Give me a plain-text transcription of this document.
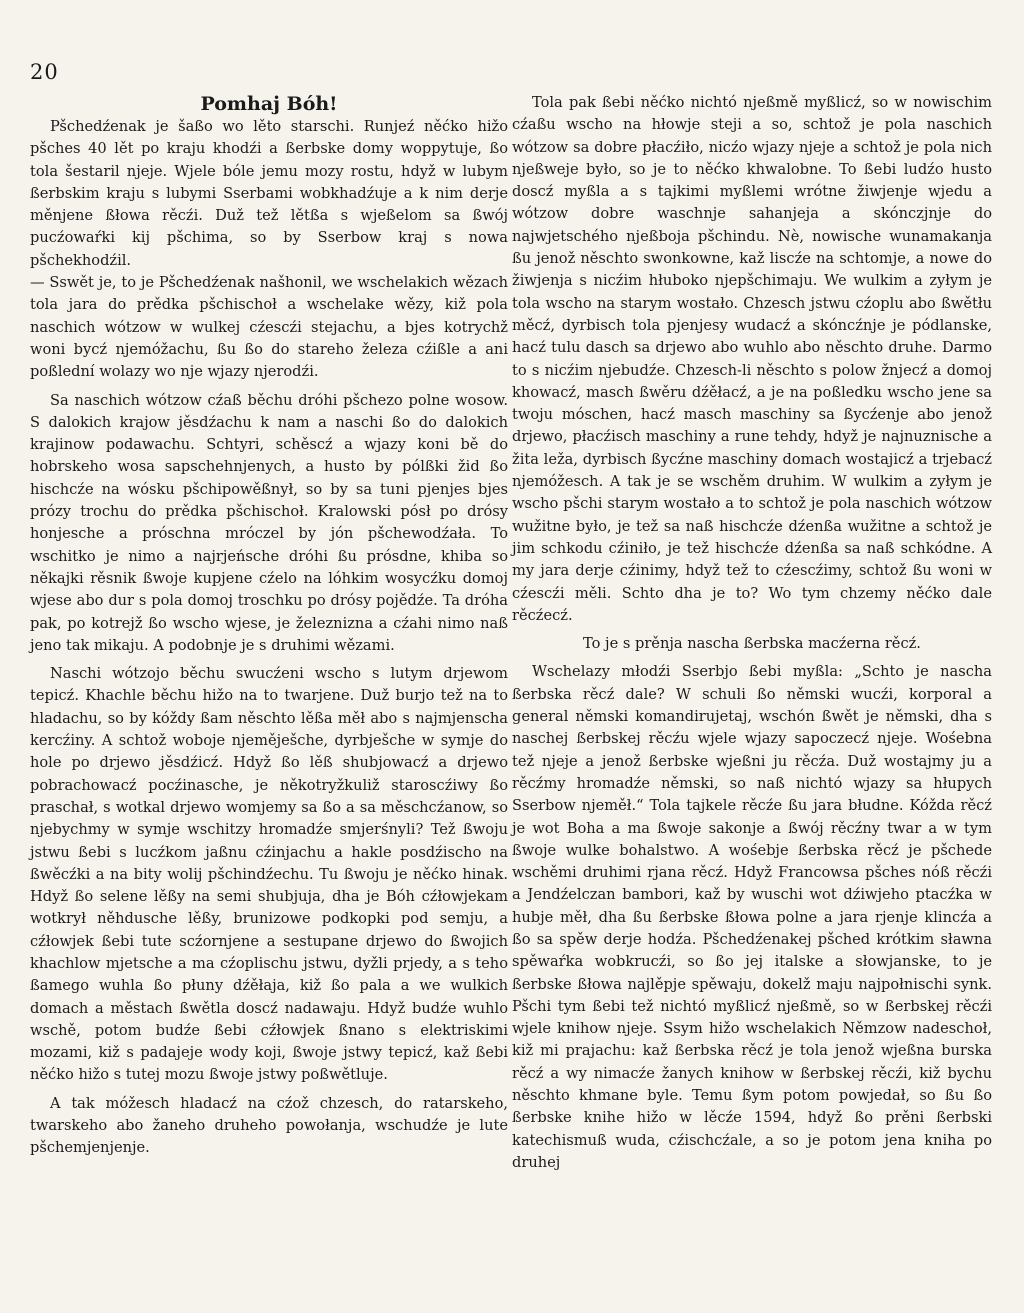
20
Pomhaj Bóh!

Pšchedźenak je šaßo wo lěto starschi. Runjeź něćko hižo pšches 40 lět po kraju khodźi a ßerbske domy woppytuje, ßo tola šestaril njeje. Wjele bóle jemu mozy rostu, hdyž w lubym ßerbskim kraju s lubymi Sserbami wobkhadźuje a k nim derje měnjene ßłowa rěcźi. Duž tež lětßa s wjeßelom sa ßwój pucźowaŕki kij pšchima, so by Sserbow kraj s nowa pšchekhodźil.

— Sswět je, to je Pšchedźenak našhonil, we wschelakich wězach tola jara do prědka pšchischoł a wschelake wězy, kiž pola naschich wótzow w wulkej cźescźi stejachu, a bjes kotrychž woni bycź njemóžachu, ßu ßo do stareho železa cźißle a ani poßlední wolazy wo nje wjazy njerodźi.

Sa naschich wótzow cźaß běchu dróhi pšchezo polne wosow. S dalokich krajow jěsdźachu k nam a naschi ßo do dalokich krajinow podawachu. Schtyri, schěscź a wjazy koni bě do hobrskeho wosa sapschehnjenych, a husto by pólßki žid ßo hischcźe na wósku pšchipowěßnył, so by sa tuni pjenjes bjes prózy trochu do prědka pšchischoł. Kralowski pósł po drósy honjesche a próschna mróczel by jón pšchewodźała. To wschitko je nimo a najrjeńsche dróhi ßu prósdne, khiba so někajki rěsnik ßwoje kupjene cźelo na lóhkim wosycźku domoj wjese abo dur s pola domoj troschku po drósy pojědźe. Ta dróha pak, po kotrejž ßo wscho wjese, je železnizna a cźahi nimo naß jeno tak mikaju. A podobnje je s druhimi wězami.

Naschi wótzojo běchu swucźeni wscho s lutym drjewom tepicź. Khachle běchu hižo na to twarjene. Duž burjo tež na to hladachu, so by kóždy ßam něschto lěßa měł abo s najmjenscha kercźiny. A schtož woboje njeměješche, dyrbješche w symje do hole po drjewo jěsdźicź. Hdyž ßo lěß shubjowacź a drjewo pobrachowacź pocźinasche, je někotryžkuliž staroscźiwy ßo praschał, s wotkal drjewo womjemy sa ßo a sa měschcźanow, so njebychmy w symje wschitzy hromadźe smjerśnyli? Tež ßwoju jstwu ßebi s lucźkom jaßnu cźinjachu a hakle posdźischo na ßwěcźki a na bity wolij pšchindźechu. Tu ßwoju je něćko hinak. Hdyž ßo selene lěßy na semi shubjuja, dha je Bóh cźłowjekam wotkrył něhdusche lěßy, brunizowe podkopki pod semju, a cźłowjek ßebi tute scźornjene a sestupane drjewo do ßwojich khachlow mjetsche a ma cźoplischu jstwu, dyžli prjedy, a s teho ßamego wuhla ßo płuny dźěłaja, kiž ßo pala a we wulkich domach a městach ßwětla doscź nadawaju. Hdyž budźe wuhlo wschě, potom budźe ßebi cźłowjek ßnano s elektriskimi mozami, kiž s padajeje wody koji, ßwoje jstwy tepicź, kaž ßebi něćko hižo s tutej mozu ßwoje jstwy poßwětluje.

A tak móžesch hladacź na cźož chzesch, do ratarskeho, twarskeho abo žaneho druheho powołanja, wschudźe je lute pšchemjenjenje.

Tola pak ßebi něćko nichtó njeßmě myßlicź, so w nowischim cźaßu wscho na hłowje steji a so, schtož je pola naschich wótzow sa dobre płacźiło, nicźo wjazy njeje a schtož je pola nich njeßweje było, so je to něćko khwalobne. To ßebi ludźo husto doscź myßla a s tajkimi myßlemi wrótne žiwjenje wjedu a wótzow dobre waschnje sahanjeja a skónczjnje do najwjetschého njeßboja pšchindu. Nè, nowische wunamakanja ßu jenož něschto swonkowne, kaž liscźe na schtomje, a nowe do žiwjenja s nicźim hłuboko njepšchimaju. We wulkim a zyłym je tola wscho na starym wostało. Chzesch jstwu cźoplu abo ßwětłu měcź, dyrbisch tola pjenjesy wudacź a skóncźnje je pódlanske, hacź tulu dasch sa drjewo abo wuhlo abo něschto druhe. Darmo to s nicźim njebudźe. Chzesch-li něschto s polow žnjecź a domoj khowacź, masch ßwěru dźěłacź, a je na poßledku wscho jene sa twoju móschen, hacź masch maschiny sa ßycźenje abo jenož drjewo, płacźisch maschiny a rune tehdy, hdyž je najnuznische a žita leža, dyrbisch ßycźne maschiny domach wostajicź a trjebacź njemóžesch. A tak je se wschěm druhim. W wulkim a zyłym je wscho pšchi starym wostało a to schtož je pola naschich wótzow wužitne było, je tež sa naß hischcźe dźenßa wužitne a schtož je jim schkodu cźiniło, je tež hischcźe dźenßa sa naß schkódne. A my jara derje cźinimy, hdyž tež to cźescźimy, schtož ßu woni w cźescźi měli. Schto dha je to? Wo tym chzemy něćko dale rěcźecź.

To je s prěnja nascha ßerbska macźerna rěcź.

Wschelazy młodźi Sserbjo ßebi myßla: „Schto je nascha ßerbska rěcź dale? W schuli ßo němski wucźi, korporal a general němski komandirujetaj, wschón ßwět je němski, dha s naschej ßerbskej rěcźu wjele wjazy sapoczecź njeje. Wośebna tež njeje a jenož ßerbske wjeßni ju rěcźa. Duž wostajmy ju a rěcźmy hromadźe němski, so naß nichtó wjazy sa hłupych Sserbow njeměł.“ Tola tajkele rěcźe ßu jara błudne. Kóžda rěcź je wot Boha a ma ßwoje sakonje a ßwój rěcźny twar a w tym ßwoje wulke bohalstwo. A wośebje ßerbska rěcź je pšchede wschěmi druhimi rjana rěcź. Hdyž Francowsa pšches nóß rěcźi a Jendźelczan bambori, kaž by wuschi wot dźiwjeho ptacźka w hubje měł, dha ßu ßerbske ßłowa polne a jara rjenje klincźa a ßo sa spěw derje hodźa. Pšchedźenakej pšched krótkim sławna spěwaŕka wobkrucźi, so ßo jej italske a słowjanske, to je ßerbske ßłowa najlěpje spěwaju, dokelž maju najpołnischi synk. Pšchi tym ßebi tež nichtó myßlicź njeßmě, so w ßerbskej rěcźi wjele knihow njeje. Ssym hižo wschelakich Němzow nadeschoł, kiž mi prajachu: kaž ßerbska rěcź je tola jenož wjeßna burska rěcź a wy nimacźe žanych knihow w ßerbskej rěcźi, kiž bychu něschto khmane byle. Temu ßym potom powjedał, so ßu ßo ßerbske knihe hižo w lěcźe 1594, hdyž ßo prěni ßerbski katechismuß wuda, cźischcźale, a so je potom jena kniha po druhej
